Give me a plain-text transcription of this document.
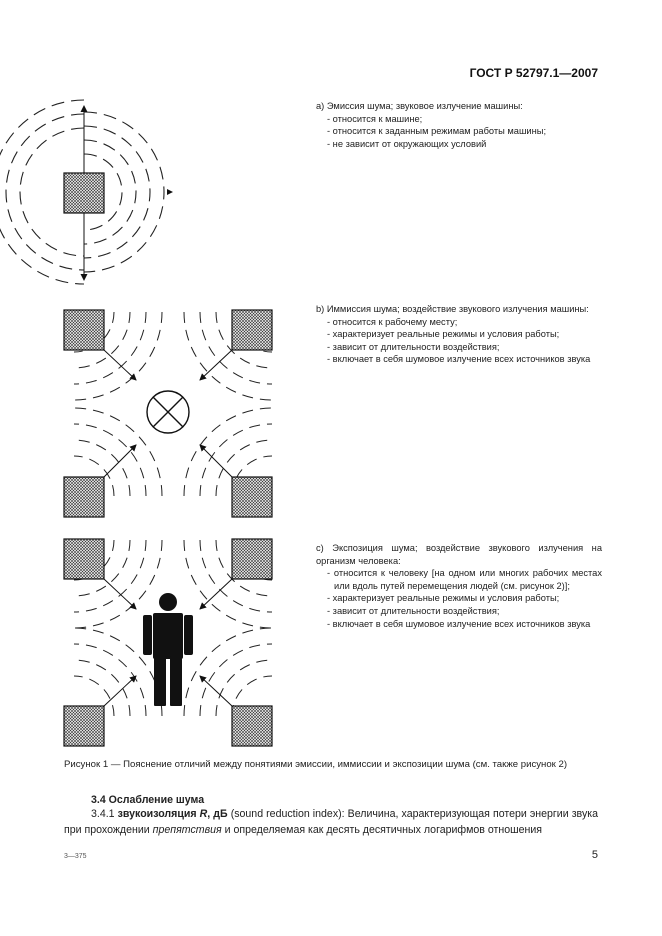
ГОСТ Р 52797.1—2007
а) Эмиссия шума; звуковое излучение машины:
- относится к машине;
- относится к заданным режимам работы машины;
- не зависит от окружающих условий
b) Иммиссия шума; воздействие звукового излучения машины:
- относится к рабочему месту;
- характеризует реальные режимы и условия работы;
- зависит от длительности воздействия;
- включает в себя шумовое излучение всех источников звука
с) Экспозиция шума; воздействие звукового излучения на организм человека:
- относится к человеку [на одном или многих рабочих местах или вдоль путей перемещения людей (см. рисунок 2)];
- характеризует реальные режимы и условия работы;
- зависит от длительности воздействия;
- включает в себя шумовое излучение всех источников звука
Рисунок 1 — Пояснение отличий между понятиями эмиссии, иммиссии и экспозиции шума (см. также рисунок 2)
3.4 Ослабление шума
3.4.1 звукоизоляция R, дБ (sound reduction index): Величина, характеризующая потери энергии звука при прохождении препятствия и определяемая как десять десятичных логарифмов отношения
3—375	5
